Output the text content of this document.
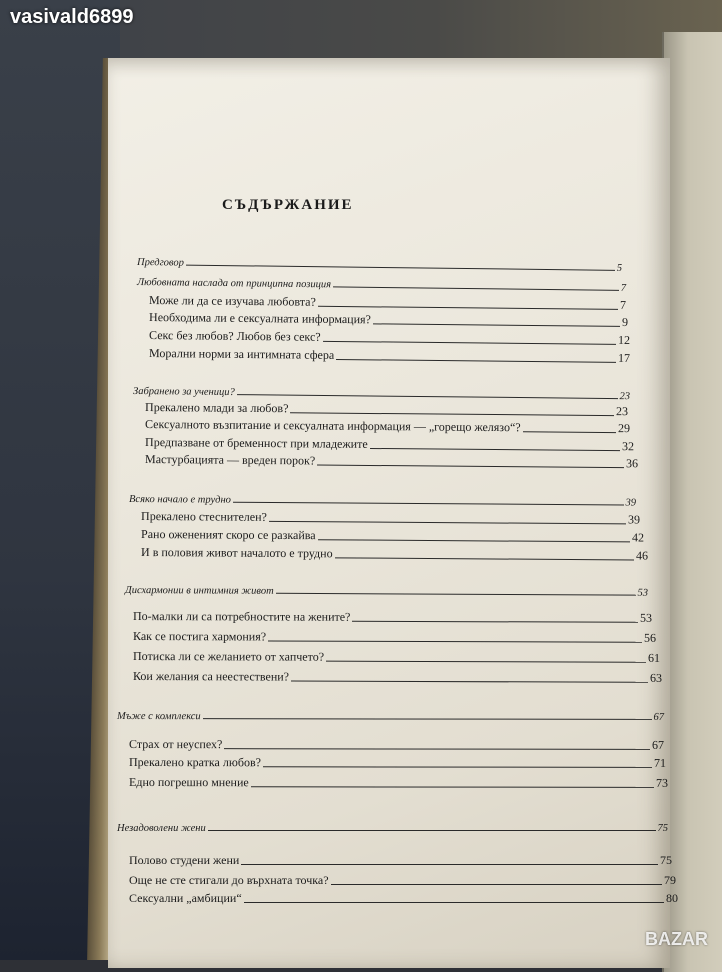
СЪДЪРЖАНИЕ
Предговор	5
Любовната наслада от принципна позиция	7
Може ли да се изучава любовта?	7
Необходима ли е сексуалната информация?	9
Секс без любов? Любов без секс?	12
Морални норми за интимната сфера	17
Забранено за ученици?	23
Прекалено млади за любов?	23
Сексуалното възпитание и сексуалната информация — „горещо желязо“?	29
Предпазване от бременност при младежите	32
Мастурбацията — вреден порок?	36
Всяко начало е трудно	39
Прекалено стеснителен?	39
Рано ожененият скоро се разкайва	42
И в половия живот началото е трудно	46
Дисхармонии в интимния живот	53
По-малки ли са потребностите на жените?	53
Как се постига хармония?	56
Потиска ли се желанието от хапчето?	61
Кои желания са неестествени?	63
Мъже с комплекси	67
Страх от неуспех?	67
Прекалено кратка любов?	71
Едно погрешно мнение	73
Незадоволени жени	75
Полово студени жени	75
Още не сте стигали до върхната точка?	79
Сексуални „амбиции“	80
vasivald6899
BAZAR
